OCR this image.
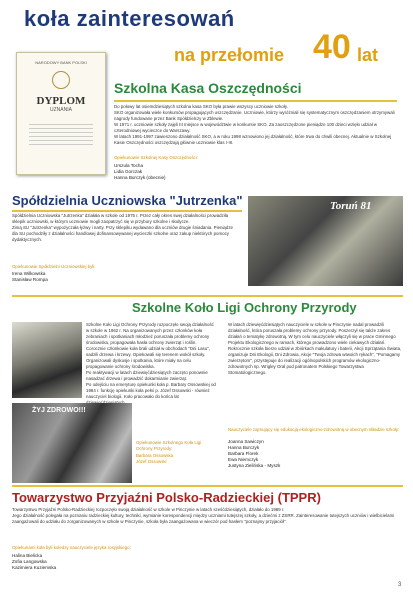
koła zainteresowań
na przełomie 40 lat
NARODOWY BANK POLSKI
DYPLOM
UZNANIA
Szkolna Kasa Oszczędności
Do połowy lat osiemdziesiątych szkolna kasa SKO była prawie wszyscy uczniowie szkoły.
SKO organizowała wiele konkursów propagujących oszczędzanie. Uczniowie, którzy wyróżniali się systematycznym oszczędzaniem otrzymywali nagrody fundowane przez Bank Spółdzielczy w Zblewie.
W 1971 r. uczniowie szkoły zajęli III miejsce w województwie w konkursie SKO. Za zaoszczędzone pieniądze 100 dzieci wzięło udział w czterodniowej wycieczce do Warszawy.
W latach 1991-1997 zawieszono działalność SKO, a w roku 1998 wznowiono jej działalność, które trwa do chwili obecnej. Aktualnie w Szkolnej Kasie Oszczędności oszczędzają głównie uczniowie klas I-III.
Opiekunowie Szkolnej Kasy Oszczędności:
Urszula Tocha
Lidia Gorczak
Hanna Burczyk (obecnie)
Spółdzielnia Uczniowska "Jutrzenka"
Spółdzielnia Uczniowska "Jutrzenka" działała w szkole od 1975 r. Przez cały okres swej działalności prowadziła sklepik uczniowski, w którym uczniowie mogli zaopatrzyć się w przybory szkolne i słodycze.
Zimą SU "Jutrzenka" wypożyczała łyżwy i narty. Przy sklepiku wydawano dla uczniów drugie śniadania. Pieniądze dla SU pochodziły z działalności handlowej dofinansowywanej wycieczki szkolne oraz zakup niektórych pomocy dydaktycznych.
Opiekunowie Spółdzielni Uczniowskiej byli:
Irena Wilkowska
Stanisław Rompa
Toruń 81
Szkolne Koło Ligi Ochrony Przyrody
Szkolne Koło Ligi Ochrony Przyrody rozpoczęło swoją działalność w szkole w 1962 r. Na organizowanych przez członków koła zebraniach i spotkaniach młodzież poruszała problemy ochrony środowiska, propagowała hasła ochrony zwierząt i roślin.
Corocznie członkowie koła brali udział w obchodach "Dni Lasu", sadzili drzewa i krzewy. Opiekowali się terenem wokół szkoły. Organizowali dyskusje i spotkania, które miały na celu propagowanie ochrony środowiska.
Po reaktywacji w latach dziewięćdziesiątych zaczęto ponownie nasadzać drzewa i prowadzić dokarmianie zwierząt.
Po odejściu na emeryturę opiekunki koła p. Barbary Ossowskiej od 1984 r. funkcję opiekunki koła pełni p. Józef Ossowski - również nauczyciel biologii. Koło pracowało do końca lat
Opiekunowie Szkolnego Koła Ligi Ochrony Przyrody:
Barbara Ossowska
Józef Ossowski
ŻYJ ZDROWO!!!
W latach dziewięćdziesiątych nauczyciele w szkole w Pinczynie nadal prowadzili działalność, która poruszała problemy ochrony przyrody. Poszerzył się także zakres działań o tematykę zdrowotną. W tym celu nauczyciele włączyli się w prace Gminnego Projektu Ekologicznego w ramach, którego prowadzono wiele ciekawych działań.
Rokrocznie szkoła bierze udział w zbiórkach makulatury i baterii, Akcji Sprzątania Świata, organizuje Dni Ekologii, Dni Zdrowia, Akcje "Twoja zdrowa wtwoich rękach", "Pomagamy zwierzętom", przystępuje do realizacji ogólnopolskich programów ekologiczno-zdrowotnych np. Wrigley Oral pod patronatem Polskiego Towarzystwa Stomatologicznego.
Nauczyciele zajmujący się edukacją ekologiczno-zdrowotną w obecnym składzie szkoły:
Joanna Sawiczyn
Hanna Burczyk
Barbara Florek
Ewa Niemczyk
Justyna Zielińska - Myszk
Towarzystwo Przyjaźni Polsko-Radzieckiej (TPPR)
Towarzystwo Przyjaźni Polsko-Radzieckiej rozpoczęło swoją działalność w szkole w Pinczynie w latach sześćdziesiątych, działało do 1989 r.
Jego działalność polegała na poznaniu radzieckiej kultury, techniki, wymianie korespondencji między uczniami tutejszej szkoły, a dziećmi z ZSRR. Zainteresowanie tutejszych uczniów i wielbicielami zaangażowali do udziału do zorganizowanych w szkole w Pinczynie, szkoła była zaangażowana w wieczór pod hasłem "poznajmy przyjaciół".
Opiekunami koła byli koledzy nauczyciele języka rosyjskiego:
Halina Bielicka
Zofia Langowska
Kazimiera Kuziemska
3
